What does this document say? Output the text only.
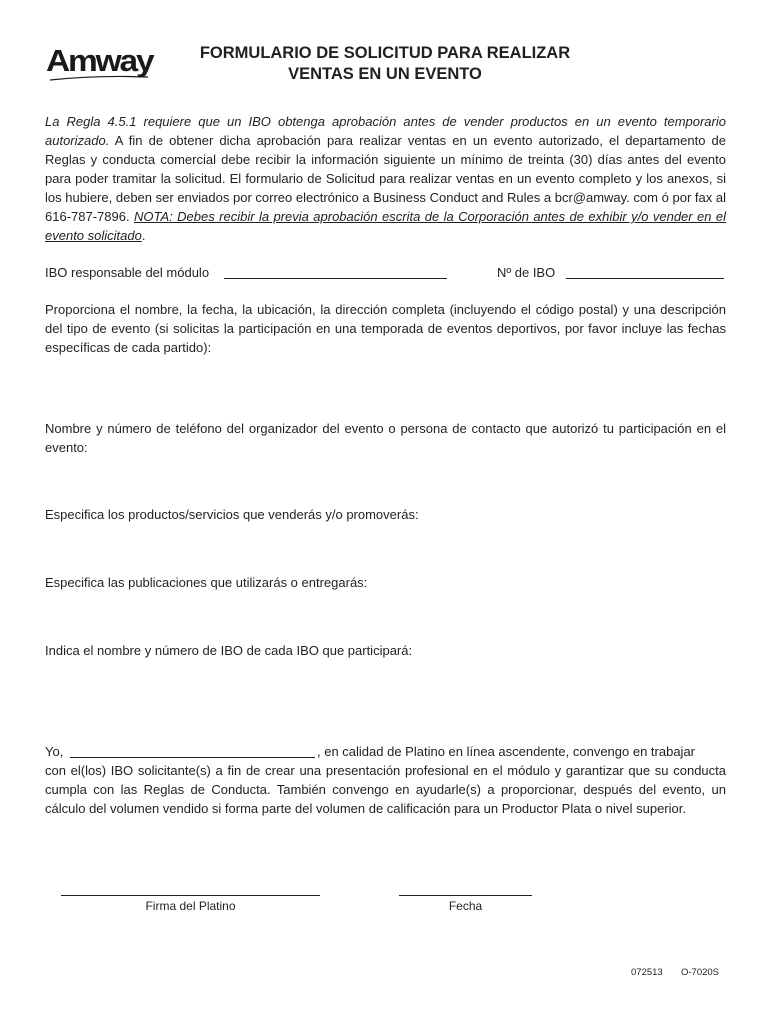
Amway	FORMULARIO DE SOLICITUD PARA REALIZAR
VENTAS EN UN EVENTO
La Regla 4.5.1 requiere que un IBO obtenga aprobación antes de vender productos en un evento temporario autorizado. A fin de obtener dicha aprobación para realizar ventas en un evento autorizado, el departamento de Reglas y conducta comercial debe recibir la información siguiente un mínimo de treinta (30) días antes del evento para poder tramitar la solicitud. El formulario de Solicitud para realizar ventas en un evento completo y los anexos, si los hubiere, deben ser enviados por correo electrónico a Business Conduct and Rules a bcr@amway. com ó por fax al 616-787-7896. NOTA: Debes recibir la previa aprobación escrita de la Corporación antes de exhibir y/o vender en el evento solicitado.
IBO responsable del módulo	Nº de IBO
Proporciona el nombre, la fecha, la ubicación, la dirección completa (incluyendo el código postal) y una descripción del tipo de evento (si solicitas la participación en una temporada de eventos deportivos, por favor incluye las fechas específicas de cada partido):
Nombre y número de teléfono del organizador del evento o persona de contacto que autorizó tu participación en el evento:
Especifica los productos/servicios que venderás y/o promoverás:
Especifica las publicaciones que utilizarás o entregarás:
Indica el nombre y número de IBO de cada IBO que participará:
Yo,	, en calidad de Platino en línea ascendente, convengo en trabajar
con el(los) IBO solicitante(s) a fin de crear una presentación profesional en el módulo y garantizar que su conducta cumpla con las Reglas de Conducta. También convengo en ayudarle(s) a proporcionar, después del evento, un cálculo del volumen vendido si forma parte del volumen de calificación para un Productor Plata o nivel superior.
Firma del Platino	Fecha
072513 O-7020S
